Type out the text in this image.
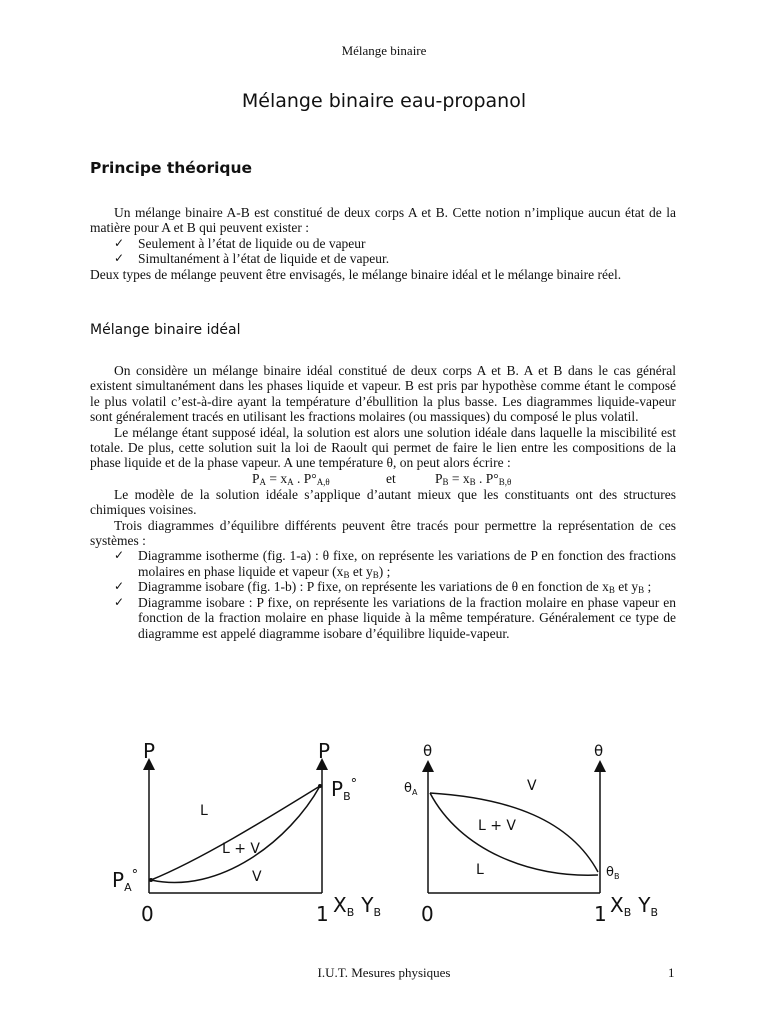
Mélange binaire
Mélange binaire eau-propanol
Principe théorique

Un mélange binaire A-B est constitué de deux corps A et B. Cette notion n’implique aucun état de la matière pour A et B qui peuvent exister :

✓ Seulement à l’état de liquide ou de vapeur
✓ Simultanément à l’état de liquide et de vapeur.

Deux types de mélange peuvent être envisagés, le mélange binaire idéal et le mélange binaire réel.

Mélange binaire idéal

On considère un mélange binaire idéal constitué de deux corps A et B. A et B dans le cas général existent simultanément dans les phases liquide et vapeur. B est pris par hypothèse comme étant le composé le plus volatil c’est-à-dire ayant la température d’ébullition la plus basse. Les diagrammes liquide-vapeur sont généralement tracés en utilisant les fractions molaires (ou massiques) du composé le plus volatil.

Le mélange étant supposé idéal, la solution est alors une solution idéale dans laquelle la miscibilité est totale. De plus, cette solution suit la loi de Raoult qui permet de faire le lien entre les compositions de la phase liquide et de la phase vapeur. A une température θ, on peut alors écrire :

$P_A = x_A$ . $P^\circ_{A,\theta}$	et	$P_B = x_B$ . $P^\circ_{B,\theta}$

Le modèle de la solution idéale s’applique d’autant mieux que les constituants ont des structures chimiques voisines.

Trois diagrammes d’équilibre différents peuvent être tracés pour permettre la représentation de ces systèmes :

✓ Diagramme isotherme (fig. 1-a) : θ fixe, on représente les variations de P en fonction des fractions molaires en phase liquide et vapeur ($x_B$ et $y_B$) ;
✓ Diagramme isobare (fig. 1-b) : P fixe, on représente les variations de θ en fonction de $x_B$ et $y_B$ ;
✓ Diagramme isobare : P fixe, on représente les variations de la fraction molaire en phase vapeur en fonction de la fraction molaire en phase liquide à la même température. Généralement ce type de diagramme est appelé diagramme isobare d’équilibre liquide-vapeur.
P	P
$P_A^\circ$
$P_B^\circ$
L
L + V
V
0	1 $X_B$ $Y_B$
θ	θ
$\theta_A$
$\theta_B$
V
L + V
L
0	1 $X_B$ $Y_B$
I.U.T. Mesures physiques	1
